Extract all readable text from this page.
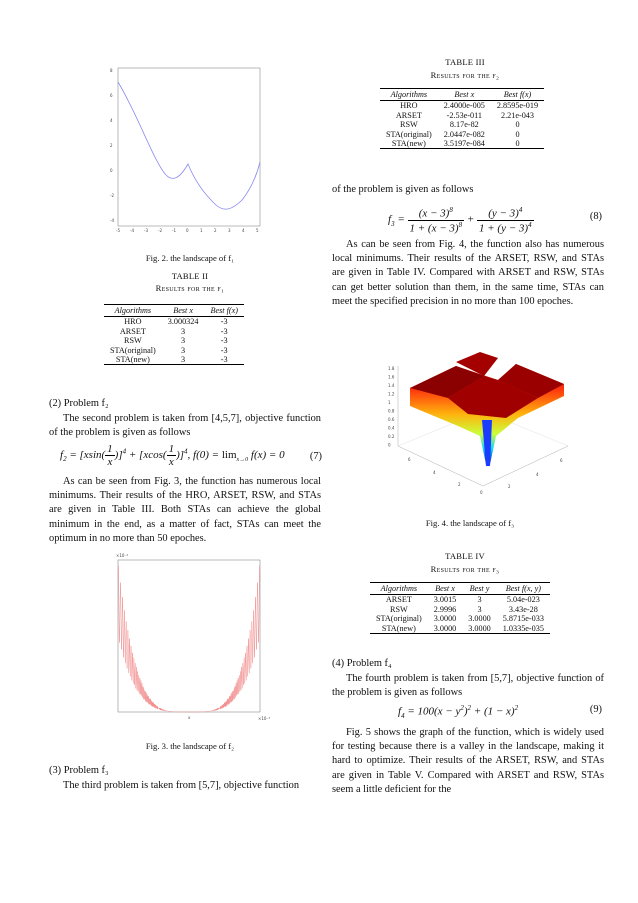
8
6
4
2
0
-2
-4
-5	-4	-3	-2	-1	0	1	2	3	4	5
Fig. 2. the landscape of f₁
TABLE II
Results for the f₁
Algorithms	Best x	Best f(x)
HRO	3.000324	-3
ARSET	3	-3
RSW	3	-3
STA(original)	3	-3
STA(new)	3	-3
(2) Problem f₂

The second problem is taken from [4,5,7], objective function of the problem is given as follows

$f_2 = [xsin( \frac{1}{x} )]^4 + [xcos( \frac{1}{x} )]^4$, $f(0) = \lim_{x\to 0} f(x) = 0$ (7)

As can be seen from Fig. 3, the function has numerous local minimums. Their results of the HRO, ARSET, RSW, and STAs are given in Table III. Both STAs can achieve the global minimum in the end, as a matter of fact, STAs can meet the optimum in no more than 50 epoches.

×10⁻⁴
×10⁻³
x
Fig. 3. the landscape of f₂
(3) Problem f₃

The third problem is taken from [5,7], objective function

TABLE III
Results for the f₂
Algorithms	Best x	Best f(x)
HRO	2.4000e-005	2.8595e-019
ARSET	-2.53e-011	2.21e-043
RSW	8.17e-82	0
STA(original)	2.0447e-082	0
STA(new)	3.5197e-084	0

of the problem is given as follows

$f_3 = \frac{(x - 3)^8}{1 + (x - 3)^8} + \frac{(y - 3)^4}{1 + (y - 3)^4}$	(8)

As can be seen from Fig. 4, the function also has numerous local minimums. Their results of the ARSET, RSW, and STAs are given in Table IV. Compared with ARSET and RSW, STAs can get better solution than them, in the same time, STAs can meet the specified precision in no more than 100 epoches.

1.8
1.6
1.4
1.2
1
0.8
0.6
0.4
0.2
0
6
4
2
0
2
4
6
Fig. 4. the landscape of f₃
TABLE IV
Results for the f₃
Algorithms	Best x	Best y	Best f(x, y)
ARSET	3.0015	3	5.04e-023
RSW	2.9996	3	3.43e-28
STA(original)	3.0000	3.0000	5.8715e-033
STA(new)	3.0000	3.0000	1.0335e-035
(4) Problem f₄

The fourth problem is taken from [5,7], objective function of the problem is given as follows

$f_4 = 100(x - y^2)^2 + (1 - x)^2$	(9)

Fig. 5 shows the graph of the function, which is widely used for testing because there is a valley in the landscape, making it hard to optimize. Their results of the ARSET, RSW, and STAs are given in Table V. Compared with ARSET and RSW, STAs seem a little deficient for the
